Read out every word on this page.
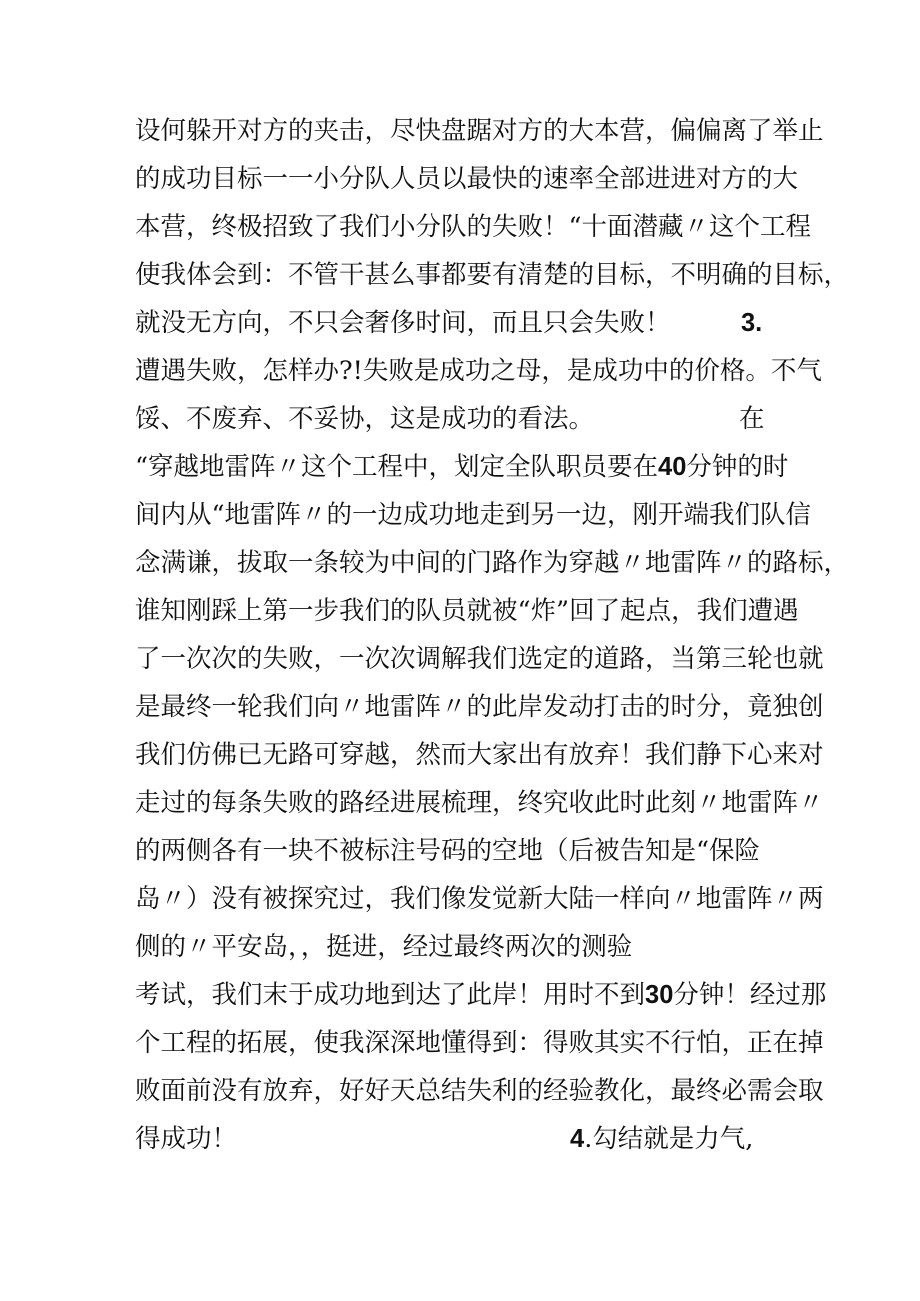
设何躲开对方的夹击，尽快盘踞对方的大本营，偏偏离了举止
的成功目标一一小分队人员以最快的速率全部进进对方的大
本营，终极招致了我们小分队的失败！“十面潜藏〃这个工程
使我体会到：不管干甚么事都要有清楚的目标，不明确的目标，
就没无方向，不只会奢侈时间，而且只会失败！	3.
遭遇失败，怎样办?!失败是成功之母，是成功中的价格。不气
馁、不废弃、不妥协，这是成功的看法。	在
“穿越地雷阵〃这个工程中，划定全队职员要在40分钟的时
间内从“地雷阵〃的一边成功地走到另一边，刚开端我们队信
念满谦，拔取一条较为中间的门路作为穿越〃地雷阵〃的路标，
谁知刚踩上第一步我们的队员就被“炸”回了起点，我们遭遇
了一次次的失败，一次次调解我们选定的道路，当第三轮也就
是最终一轮我们向〃地雷阵〃的此岸发动打击的时分，竟独创
我们仿佛已无路可穿越，然而大家出有放弃！我们静下心来对
走过的每条失败的路经进展梳理，终究收此时此刻〃地雷阵〃
的两侧各有一块不被标注号码的空地（后被告知是“保险
岛〃）没有被探究过，我们像发觉新大陆一样向〃地雷阵〃两
侧的〃平安岛，，挺进，经过最终两次的测验
考试，我们末于成功地到达了此岸！用时不到30分钟！经过那
个工程的拓展，使我深深地懂得到：得败其实不行怕，正在掉
败面前没有放弃，好好天总结失利的经验教化，最终必需会取
得成功！	4.勾结就是力气,
